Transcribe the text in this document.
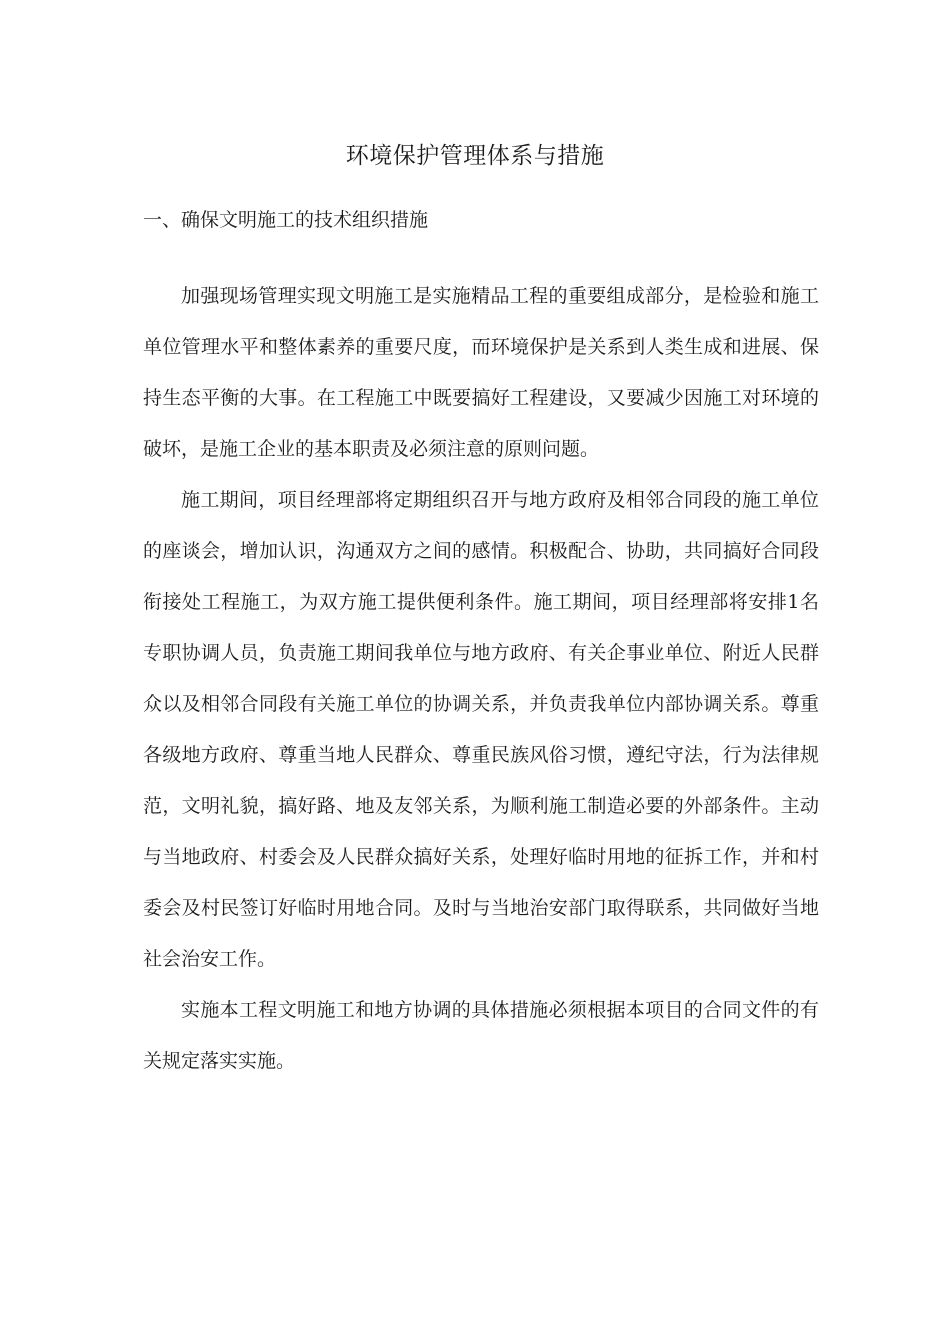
环境保护管理体系与措施
一、确保文明施工的技术组织措施

加强现场管理实现文明施工是实施精品工程的重要组成部分，是检验和施工单位管理水平和整体素养的重要尺度，而环境保护是关系到人类生成和进展、保持生态平衡的大事。在工程施工中既要搞好工程建设，又要减少因施工对环境的破坏，是施工企业的基本职责及必须注意的原则问题。

施工期间，项目经理部将定期组织召开与地方政府及相邻合同段的施工单位的座谈会，增加认识，沟通双方之间的感情。积极配合、协助，共同搞好合同段衔接处工程施工，为双方施工提供便利条件。施工期间，项目经理部将安排1名专职协调人员，负责施工期间我单位与地方政府、有关企事业单位、附近人民群众以及相邻合同段有关施工单位的协调关系，并负责我单位内部协调关系。尊重各级地方政府、尊重当地人民群众、尊重民族风俗习惯，遵纪守法，行为法律规范，文明礼貌，搞好路、地及友邻关系，为顺利施工制造必要的外部条件。主动与当地政府、村委会及人民群众搞好关系，处理好临时用地的征拆工作，并和村委会及村民签订好临时用地合同。及时与当地治安部门取得联系，共同做好当地社会治安工作。

实施本工程文明施工和地方协调的具体措施必须根据本项目的合同文件的有关规定落实实施。
